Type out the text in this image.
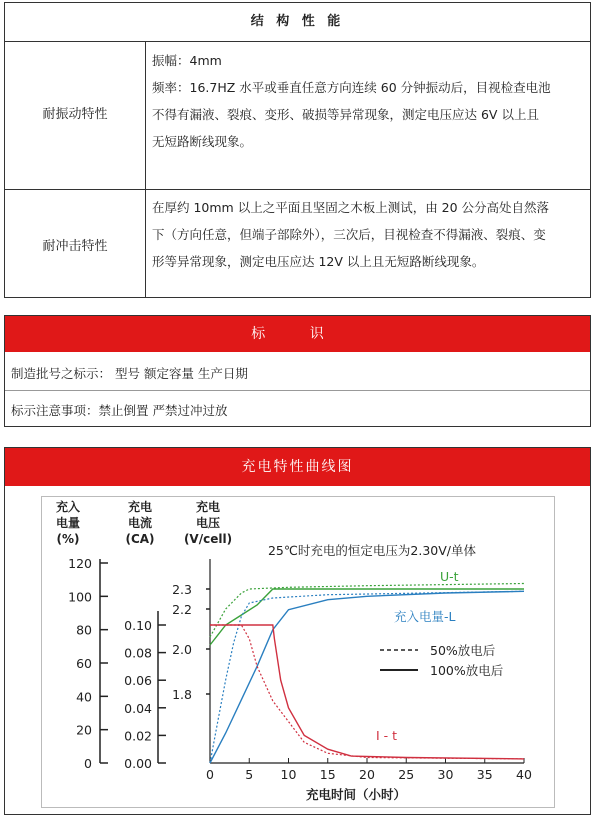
结 构 性 能
耐振动特性

振幅：4mm

频率：16.7HZ 水平或垂直任意方向连续 60 分钟振动后，目视检查电池

不得有漏液、裂痕、变形、破损等异常现象，测定电压应达 6V 以上且

无短路断线现象。

耐冲击特性

在厚约 10mm 以上之平面且坚固之木板上测试，由 20 公分高处自然落

下（方向任意，但端子部除外），三次后，目视检查不得漏液、裂痕、变

形等异常现象，测定电压应达 12V 以上且无短路断线现象。

标 识
制造批号之标示： 型号 额定容量 生产日期
标示注意事项：禁止倒置 严禁过冲过放
充电特性曲线图
充入
电量
(%)
充电
电流
(CA)
充电
电压
(V/cell)
0
20
40
60
80
100
120
0.00
0.02
0.04
0.06
0.08
0.10
1.8
2.0
2.2
2.3
0	5 10 15 20 25 30 35 40
充电时间（小时）
25℃时充电的恒定电压为2.30V/单体
U-t
充入电量-L
I - t
50%放电后
100%放电后
